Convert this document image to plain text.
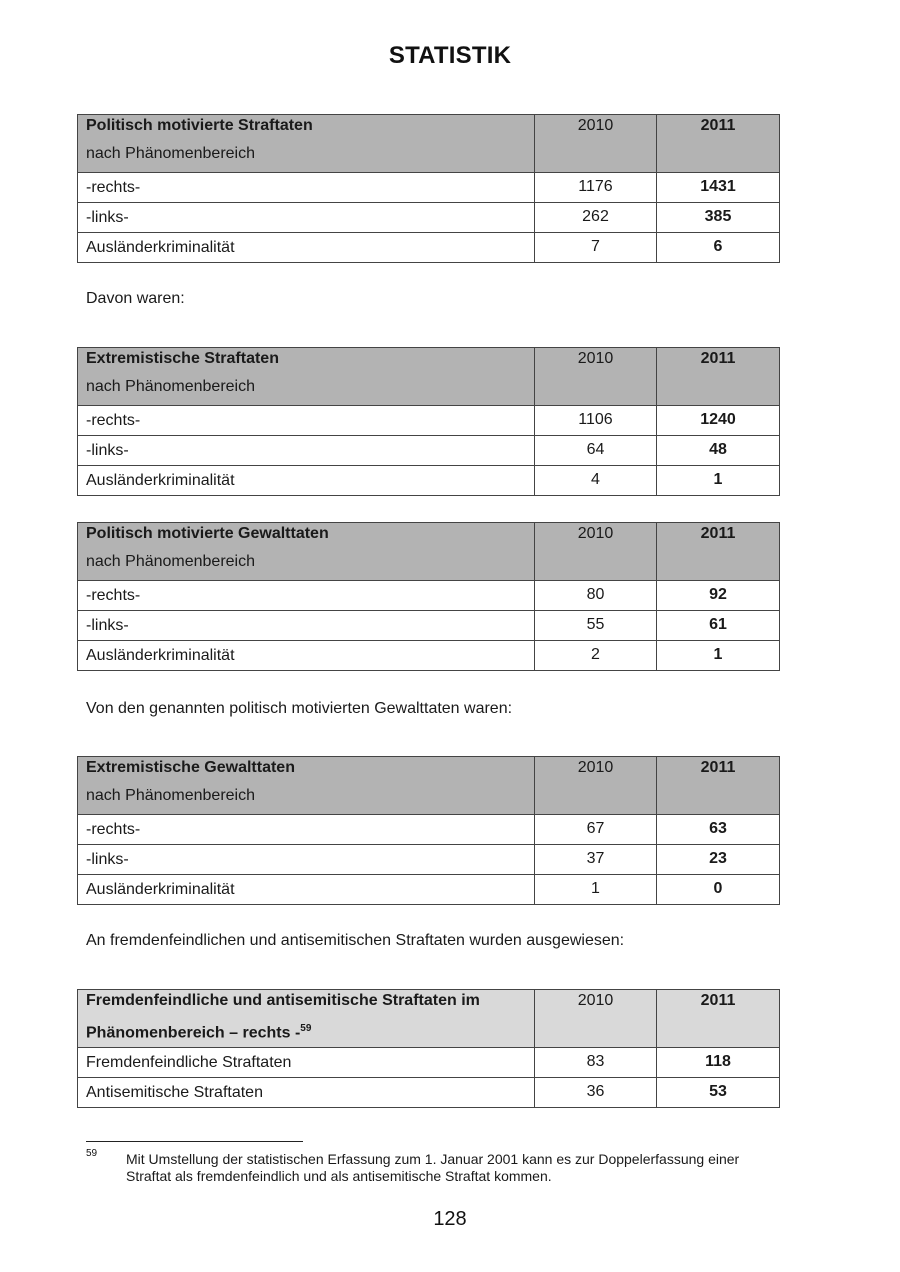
STATISTIK
Politisch motivierte Straftaten
nach Phänomenbereich	2010	2011

-rechts-	1176	1431

-links-	262	385

Ausländerkriminalität	7	6
Davon waren:
Extremistische Straftaten
nach Phänomenbereich	2010	2011

-rechts-	1106	1240

-links-	64	48

Ausländerkriminalität	4	1
Politisch motivierte Gewalttaten
nach Phänomenbereich	2010	2011

-rechts-	80	92

-links-	55	61

Ausländerkriminalität	2	1
Von den genannten politisch motivierten Gewalttaten waren:
Extremistische Gewalttaten
nach Phänomenbereich	2010	2011

-rechts-	67	63

-links-	37	23

Ausländerkriminalität	1	0
An fremdenfeindlichen und antisemitischen Straftaten wurden ausgewiesen:
Fremdenfeindliche und antisemitische Straftaten im
Phänomenbereich – rechts -$^{59}$	2010	2011

Fremdenfeindliche Straftaten	83	118

Antisemitische Straftaten	36	53
59 Mit Umstellung der statistischen Erfassung zum 1. Januar 2001 kann es zur Doppelerfassung einer Straftat als fremdenfeindlich und als antisemitische Straftat kommen.
128
